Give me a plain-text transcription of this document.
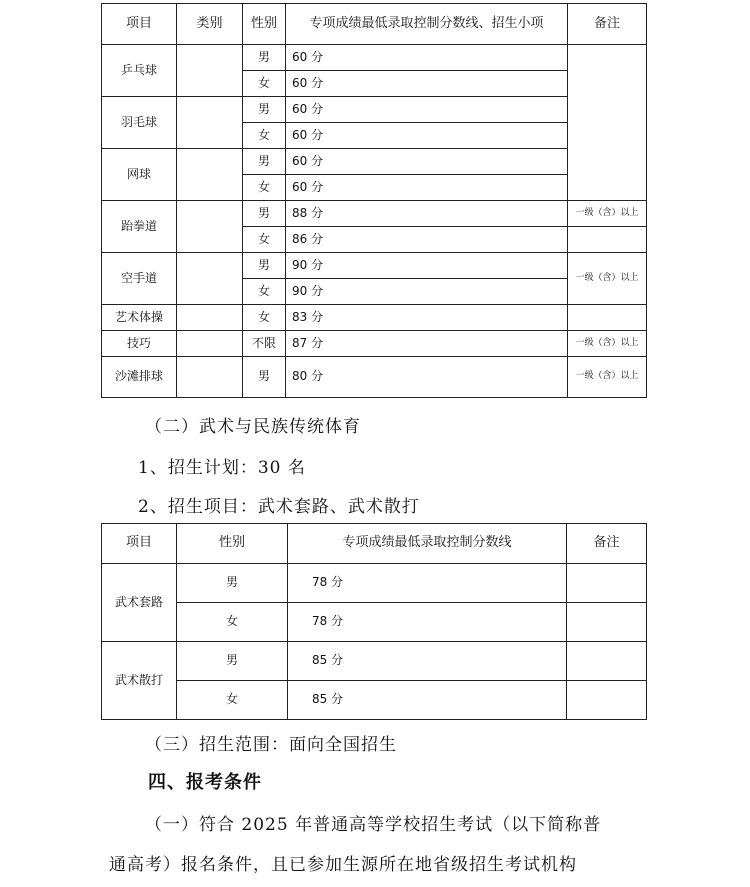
项目	类别	性别	专项成绩最低录取控制分数线、招生小项	备注
乒乓球		男	60 分	
		女	60 分	
羽毛球		男	60 分	
		女	60 分	
网球		男	60 分	
		女	60 分	
跆拳道		男	88 分	一级（含）以上
		女	86 分	
空手道		男	90 分	一级（含）以上
		女	90 分	
艺术体操		女	83 分	
技巧		不限	87 分	一级（含）以上
沙滩排球		男	80 分	一级（含）以上

（二）武术与民族传统体育

1、招生计划：30 名

2、招生项目：武术套路、武术散打

项目	性别	专项成绩最低录取控制分数线	备注
武术套路	男	78 分	
	女	78 分	
武术散打	男	85 分	
	女	85 分	

（三）招生范围：面向全国招生

四、报考条件

（一）符合 2025 年普通高等学校招生考试（以下简称普

通高考）报名条件，且已参加生源所在地省级招生考试机构
